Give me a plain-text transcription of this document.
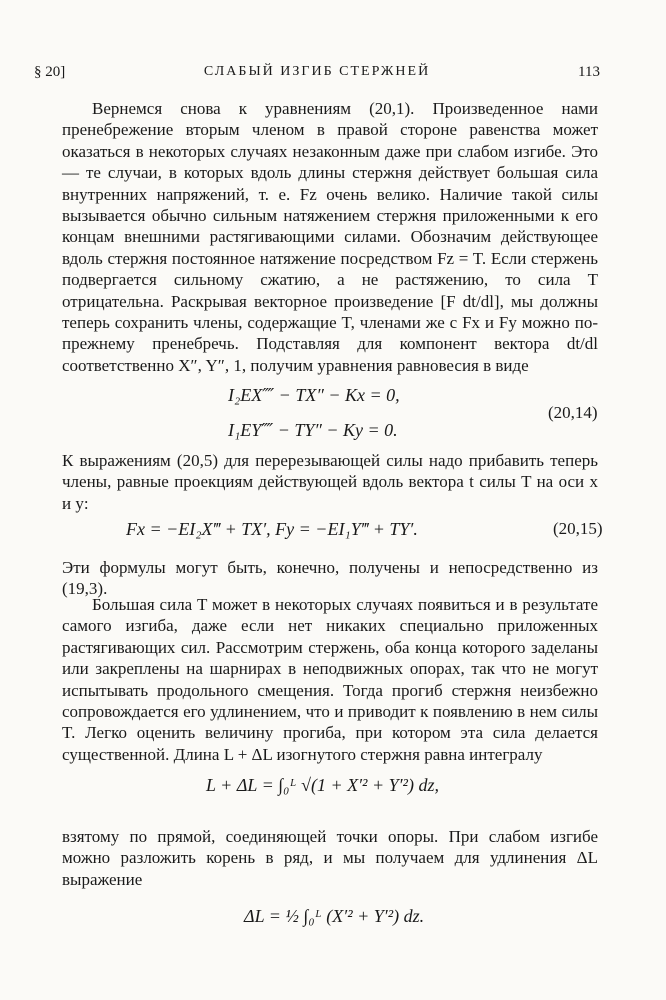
§ 20]	СЛАБЫЙ ИЗГИБ СТЕРЖНЕЙ	113
Вернемся снова к уравнениям (20,1). Произведенное нами пренебрежение вторым членом в правой стороне равенства может оказаться в некоторых случаях незаконным даже при слабом изгибе. Это — те случаи, в которых вдоль длины стержня действует большая сила внутренних напряжений, т. е. Fz очень велико. Наличие такой силы вызывается обычно сильным натяжением стержня приложенными к его концам внешними растягивающими силами. Обозначим действующее вдоль стержня постоянное натяжение посредством Fz = T. Если стержень подвергается сильному сжатию, а не растяжению, то сила T отрицательна. Раскрывая векторное произведение [F dt/dl], мы должны теперь сохранить члены, содержащие T, членами же с Fx и Fy можно по-прежнему пренебречь. Подставляя для компонент вектора dt/dl соответственно X″, Y″, 1, получим уравнения равновесия в виде
I₂EX⁗ − TX″ − Kx = 0,
I₁EY⁗ − TY″ − Ky = 0.
(20,14)
К выражениям (20,5) для перерезывающей силы надо прибавить теперь члены, равные проекциям действующей вдоль вектора t силы T на оси x и y:
Fx = −EI₂X‴ + TX′, Fy = −EI₁Y‴ + TY′.	(20,15)
Эти формулы могут быть, конечно, получены и непосредственно из (19,3).
Большая сила T может в некоторых случаях появиться и в результате самого изгиба, даже если нет никаких специально приложенных растягивающих сил. Рассмотрим стержень, оба конца которого заделаны или закреплены на шарнирах в неподвижных опорах, так что не могут испытывать продольного смещения. Тогда прогиб стержня неизбежно сопровождается его удлинением, что и приводит к появлению в нем силы T. Легко оценить величину прогиба, при котором эта сила делается существенной. Длина L + ΔL изогнутого стержня равна интегралу
L + ΔL = ∫₀ᴸ √(1 + X′² + Y′²) dz,
взятому по прямой, соединяющей точки опоры. При слабом изгибе можно разложить корень в ряд, и мы получаем для удлинения ΔL выражение
ΔL = ½ ∫₀ᴸ (X′² + Y′²) dz.
